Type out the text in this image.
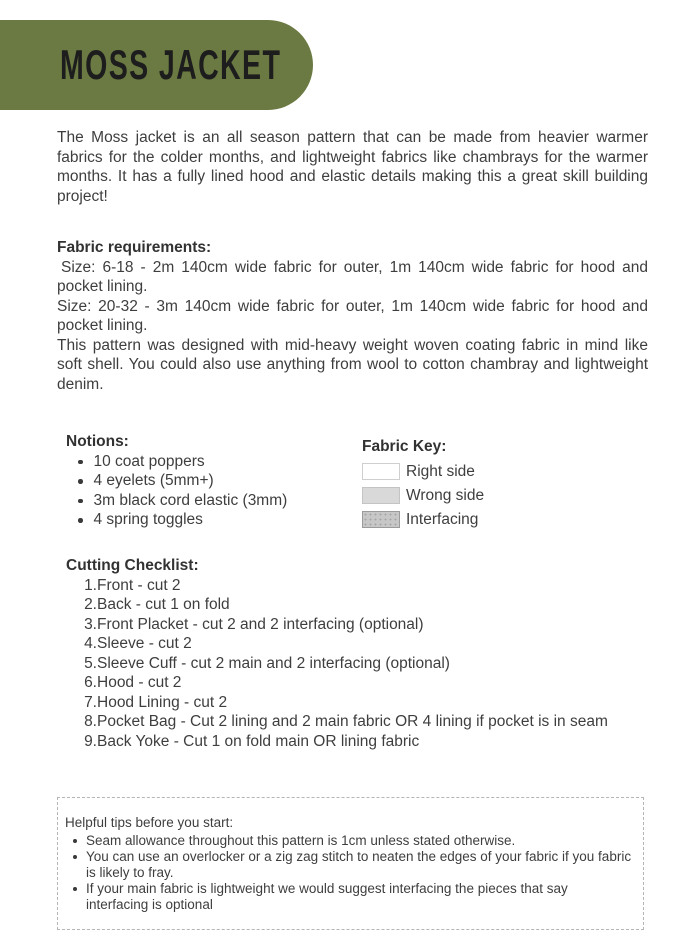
MOSS JACKET

The Moss jacket is an all season pattern that can be made from heavier warmer fabrics for the colder months, and lightweight fabrics like chambrays for the warmer months. It has a fully lined hood and elastic details making this a great skill building project!

Fabric requirements:

Size: 6-18 - 2m 140cm wide fabric for outer, 1m 140cm wide fabric for hood and pocket lining.

Size: 20-32 - 3m 140cm wide fabric for outer, 1m 140cm wide fabric for hood and pocket lining.

This pattern was designed with mid-heavy weight woven coating fabric in mind like soft shell. You could also use anything from wool to cotton chambray and lightweight denim.

Notions:
10 coat poppers
4 eyelets (5mm+)
3m black cord elastic (3mm)
4 spring toggles
Fabric Key:
Right side
Wrong side
Interfacing
Cutting Checklist:
1. Front - cut 2
2. Back - cut 1 on fold
3. Front Placket - cut 2 and 2 interfacing (optional)
4. Sleeve - cut 2
5. Sleeve Cuff - cut 2 main and 2 interfacing (optional)
6. Hood - cut 2
7. Hood Lining - cut 2
8. Pocket Bag - Cut 2 lining and 2 main fabric OR 4 lining if pocket is in seam
9. Back Yoke - Cut 1 on fold main OR lining fabric

Helpful tips before you start:

Seam allowance throughout this pattern is 1cm unless stated otherwise.
You can use an overlocker or a zig zag stitch to neaten the edges of your fabric if you fabric is likely to fray.
If your main fabric is lightweight we would suggest interfacing the pieces that say interfacing is optional
